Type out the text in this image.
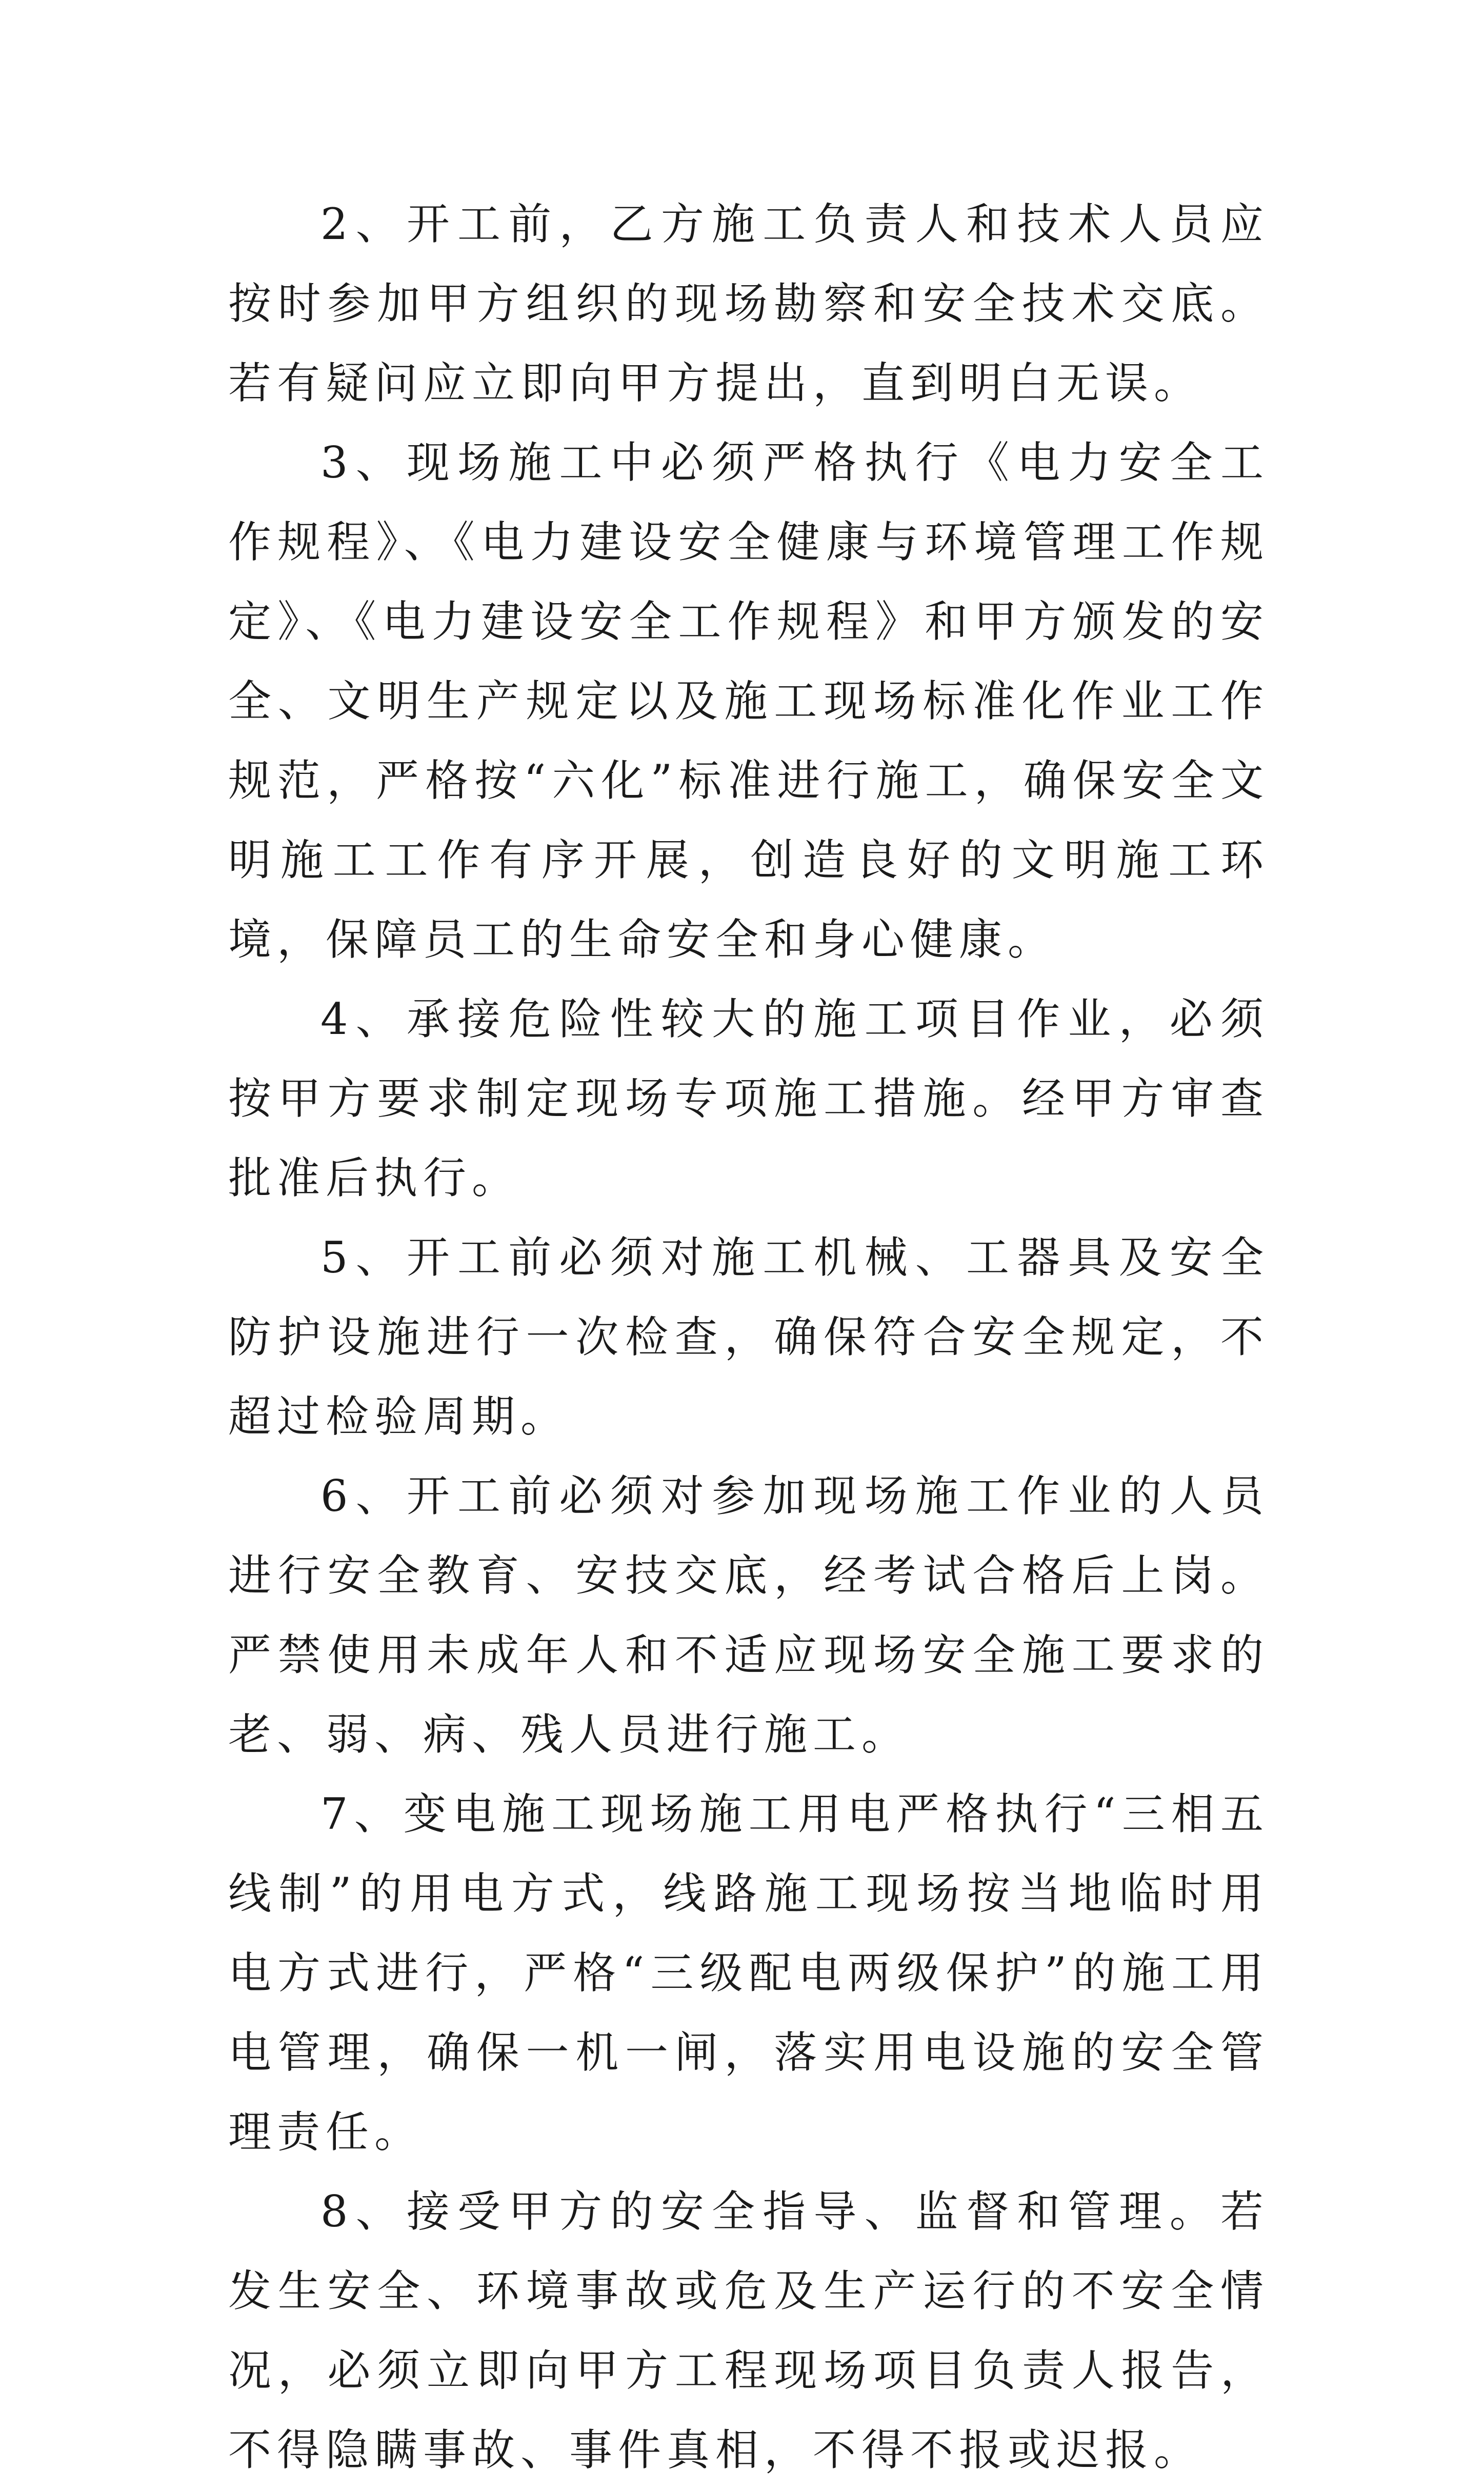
2、开工前，乙方施工负责人和技术人员应按时参加甲方组织的现场勘察和安全技术交底。若有疑问应立即向甲方提出，直到明白无误。

3、现场施工中必须严格执行《电力安全工作规程》、《电力建设安全健康与环境管理工作规定》、《电力建设安全工作规程》和甲方颁发的安全、文明生产规定以及施工现场标准化作业工作规范，严格按“六化”标准进行施工，确保安全文明施工工作有序开展，创造良好的文明施工环境，保障员工的生命安全和身心健康。

4、承接危险性较大的施工项目作业，必须按甲方要求制定现场专项施工措施。经甲方审查批准后执行。

5、开工前必须对施工机械、工器具及安全防护设施进行一次检查，确保符合安全规定，不超过检验周期。

6、开工前必须对参加现场施工作业的人员进行安全教育、安技交底，经考试合格后上岗。严禁使用未成年人和不适应现场安全施工要求的老、弱、病、残人员进行施工。

7、变电施工现场施工用电严格执行“三相五线制”的用电方式，线路施工现场按当地临时用电方式进行，严格“三级配电两级保护”的施工用电管理，确保一机一闸，落实用电设施的安全管理责任。

8、接受甲方的安全指导、监督和管理。若发生安全、环境事故或危及生产运行的不安全情况，必须立即向甲方工程现场项目负责人报告，不得隐瞒事故、事件真相，不得不报或迟报。
